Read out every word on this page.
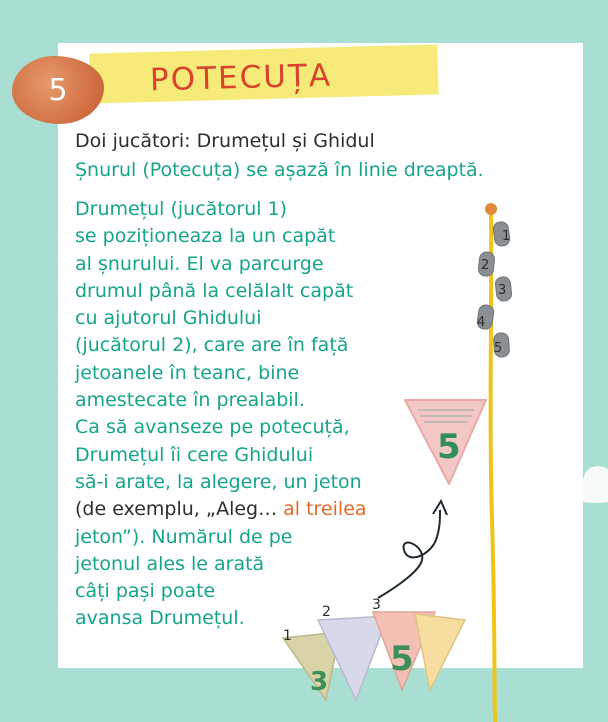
5	POTECUȚA
Doi jucători: Drumețul și Ghidul
Șnurul (Potecuța) se așază în linie dreaptă.
Drumețul (jucătorul 1)
se poziționeaza la un capăt
al șnurului. El va parcurge
drumul până la celălalt capăt
cu ajutorul Ghidului
(jucătorul 2), care are în față
jetoanele în teanc, bine
amestecate în prealabil.
Ca să avanseze pe potecuță,
Drumețul îi cere Ghidului
să-i arate, la alegere, un jeton
(de exemplu, „Aleg… al treilea
jeton”). Numărul de pe
jetonul ales le arată
câți pași poate
avansa Drumețul.
1
2
3
4
5
5
3
5
1
2	3
